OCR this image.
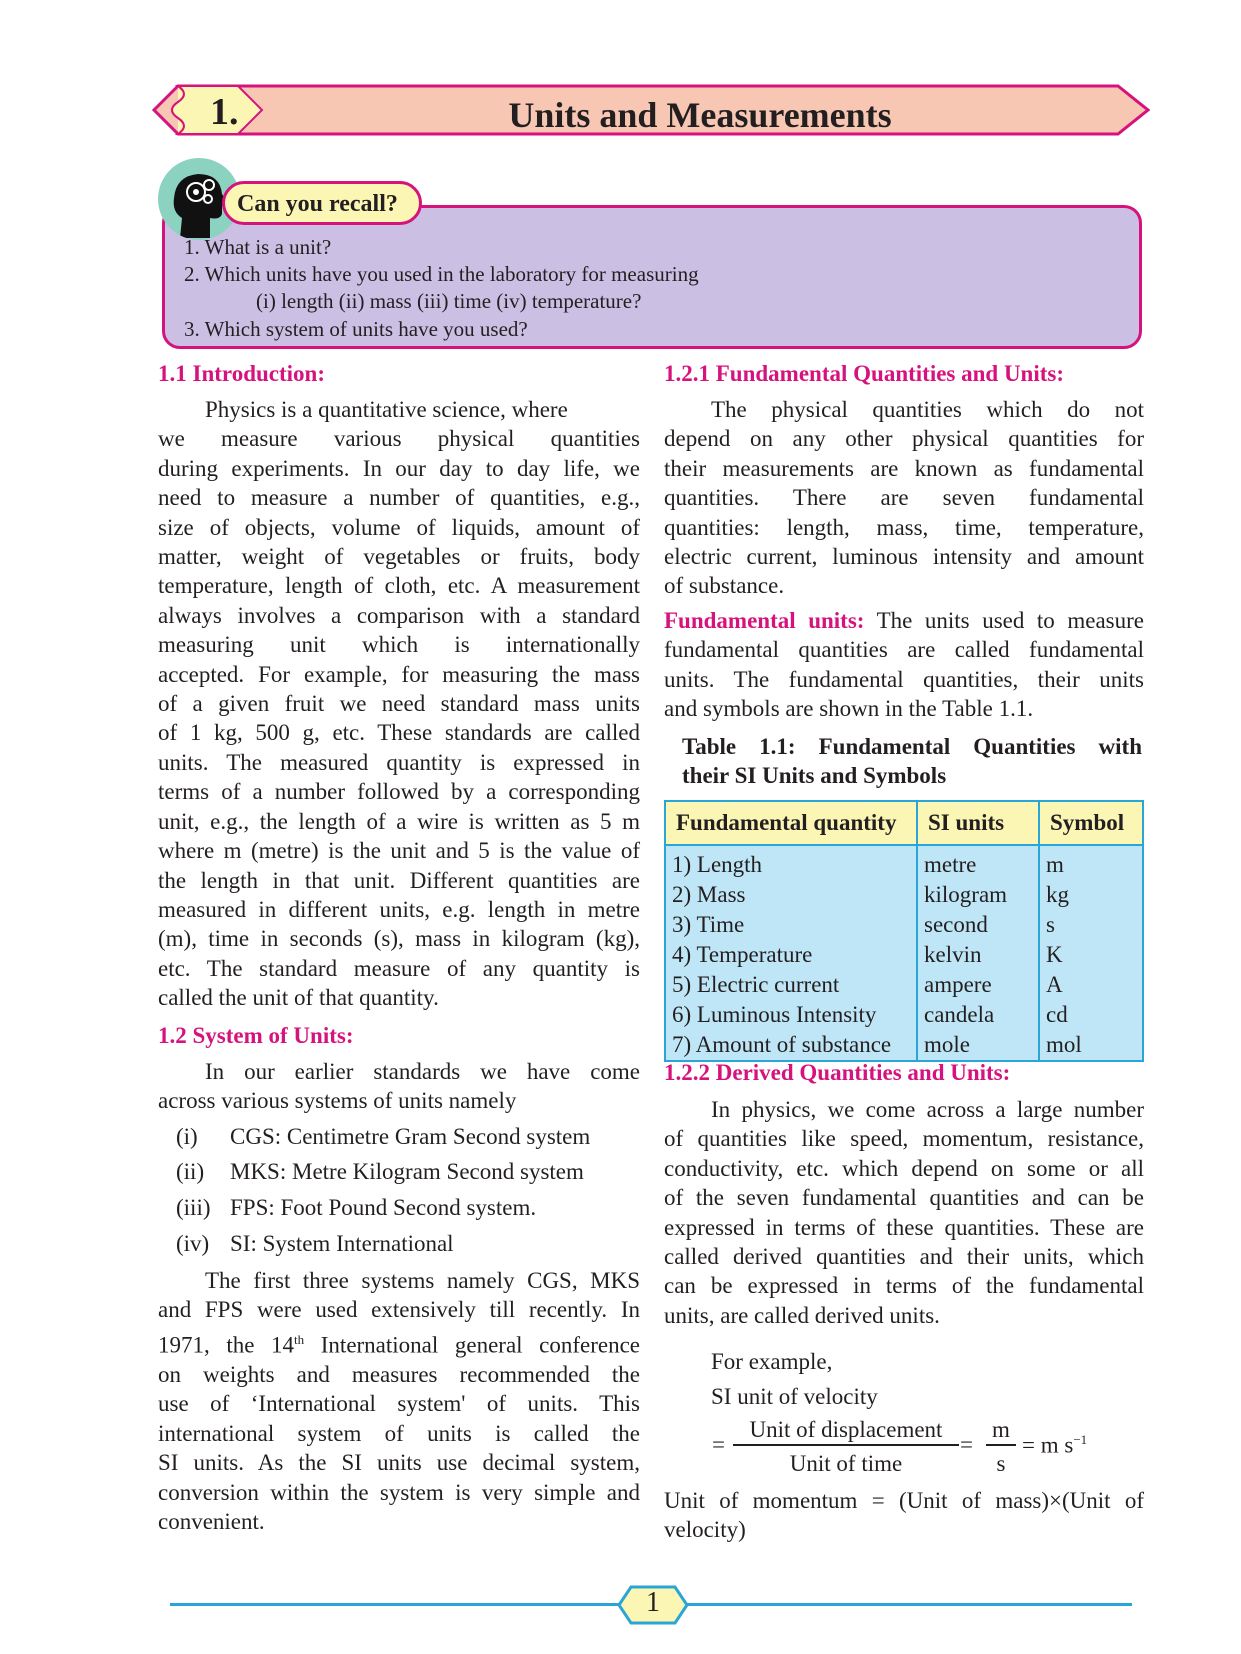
1.	Units and Measurements
Can you recall?
1. What is a unit?
2. Which units have you used in the laboratory for measuring
(i) length (ii) mass (iii) time (iv) temperature?
3. Which system of units have you used?
1.1 Introduction:
Physics is a quantitative science, where
we measure various physical quantities
during experiments. In our day to day life, we
need to measure a number of quantities, e.g.,
size of objects, volume of liquids, amount of
matter, weight of vegetables or fruits, body
temperature, length of cloth, etc. A measurement
always involves a comparison with a standard
measuring unit which is internationally
accepted. For example, for measuring the mass
of a given fruit we need standard mass units
of 1 kg, 500 g, etc. These standards are called
units. The measured quantity is expressed in
terms of a number followed by a corresponding
unit, e.g., the length of a wire is written as 5 m
where m (metre) is the unit and 5 is the value of
the length in that unit. Different quantities are
measured in different units, e.g. length in metre
(m), time in seconds (s), mass in kilogram (kg),
etc. The standard measure of any quantity is
called the unit of that quantity.
1.2 System of Units:
In our earlier standards we have come
across various systems of units namely
(i) CGS: Centimetre Gram Second system
(ii) MKS: Metre Kilogram Second system
(iii) FPS: Foot Pound Second system.
(iv) SI: System International
The first three systems namely CGS, MKS
and FPS were used extensively till recently. In
1971, the 14th International general conference
on weights and measures recommended the
use of ‘International system' of units. This
international system of units is called the
SI units. As the SI units use decimal system,
conversion within the system is very simple and
convenient.
1.2.1 Fundamental Quantities and Units:
The physical quantities which do not
depend on any other physical quantities for
their measurements are known as fundamental
quantities. There are seven fundamental
quantities: length, mass, time, temperature,
electric current, luminous intensity and amount
of substance.
Fundamental units: The units used to measure
fundamental quantities are called fundamental
units. The fundamental quantities, their units
and symbols are shown in the Table 1.1.
Table 1.1: Fundamental Quantities with
their SI Units and Symbols
Fundamental quantity	SI units	Symbol
1) Length	metre	m
2) Mass	kilogram	kg
3) Time	second	s
4) Temperature	kelvin	K
5) Electric current	ampere	A
6) Luminous Intensity	candela	cd
7) Amount of substance	mole	mol
1.2.2 Derived Quantities and Units:
In physics, we come across a large number
of quantities like speed, momentum, resistance,
conductivity, etc. which depend on some or all
of the seven fundamental quantities and can be
expressed in terms of these quantities. These are
called derived quantities and their units, which
can be expressed in terms of the fundamental
units, are called derived units.
For example,
SI unit of velocity
=
Unit of displacement
Unit of time
=
m
s
= m $s^{-1}$
Unit of momentum = (Unit of mass)×(Unit of
velocity)
1
